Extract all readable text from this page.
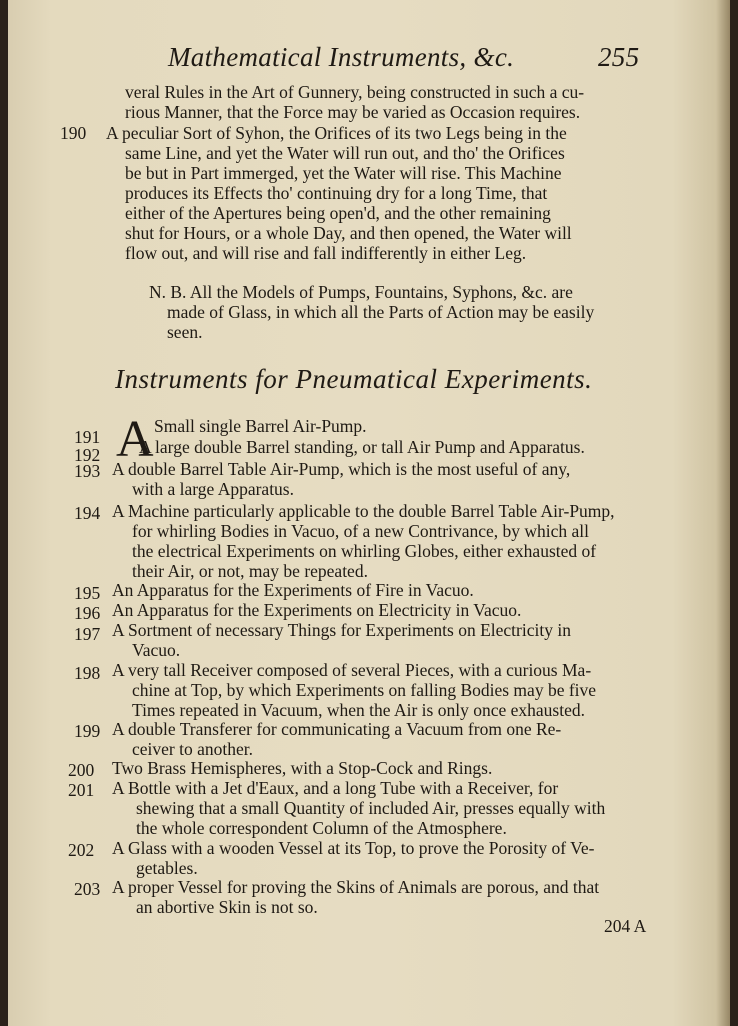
Mathematical Instruments, &c.	255
veral Rules in the Art of Gunnery, being constructed in such a cu-
rious Manner, that the Force may be varied as Occasion requires.
190 A peculiar Sort of Syhon, the Orifices of its two Legs being in the
same Line, and yet the Water will run out, and tho' the Orifices
be but in Part immerged, yet the Water will rise. This Machine
produces its Effects tho' continuing dry for a long Time, that
either of the Apertures being open'd, and the other remaining
shut for Hours, or a whole Day, and then opened, the Water will
flow out, and will rise and fall indifferently in either Leg.
N. B. All the Models of Pumps, Fountains, Syphons, &c. are
made of Glass, in which all the Parts of Action may be easily
seen.
Instruments for Pneumatical Experiments.
A
191
Small single Barrel Air-Pump.
192 A large double Barrel standing, or tall Air Pump and Apparatus.
193 A double Barrel Table Air-Pump, which is the most useful of any,
with a large Apparatus.
194 A Machine particularly applicable to the double Barrel Table Air-Pump,
for whirling Bodies in Vacuo, of a new Contrivance, by which all
the electrical Experiments on whirling Globes, either exhausted of
their Air, or not, may be repeated.
195 An Apparatus for the Experiments of Fire in Vacuo.
196 An Apparatus for the Experiments on Electricity in Vacuo.
197 A Sortment of necessary Things for Experiments on Electricity in
Vacuo.
198 A very tall Receiver composed of several Pieces, with a curious Ma-
chine at Top, by which Experiments on falling Bodies may be five
Times repeated in Vacuum, when the Air is only once exhausted.
199 A double Transferer for communicating a Vacuum from one Re-
ceiver to another.
200 Two Brass Hemispheres, with a Stop-Cock and Rings.
201 A Bottle with a Jet d'Eaux, and a long Tube with a Receiver, for
shewing that a small Quantity of included Air, presses equally with
the whole correspondent Column of the Atmosphere.
202 A Glass with a wooden Vessel at its Top, to prove the Porosity of Ve-
getables.
203 A proper Vessel for proving the Skins of Animals are porous, and that
an abortive Skin is not so.
204 A
